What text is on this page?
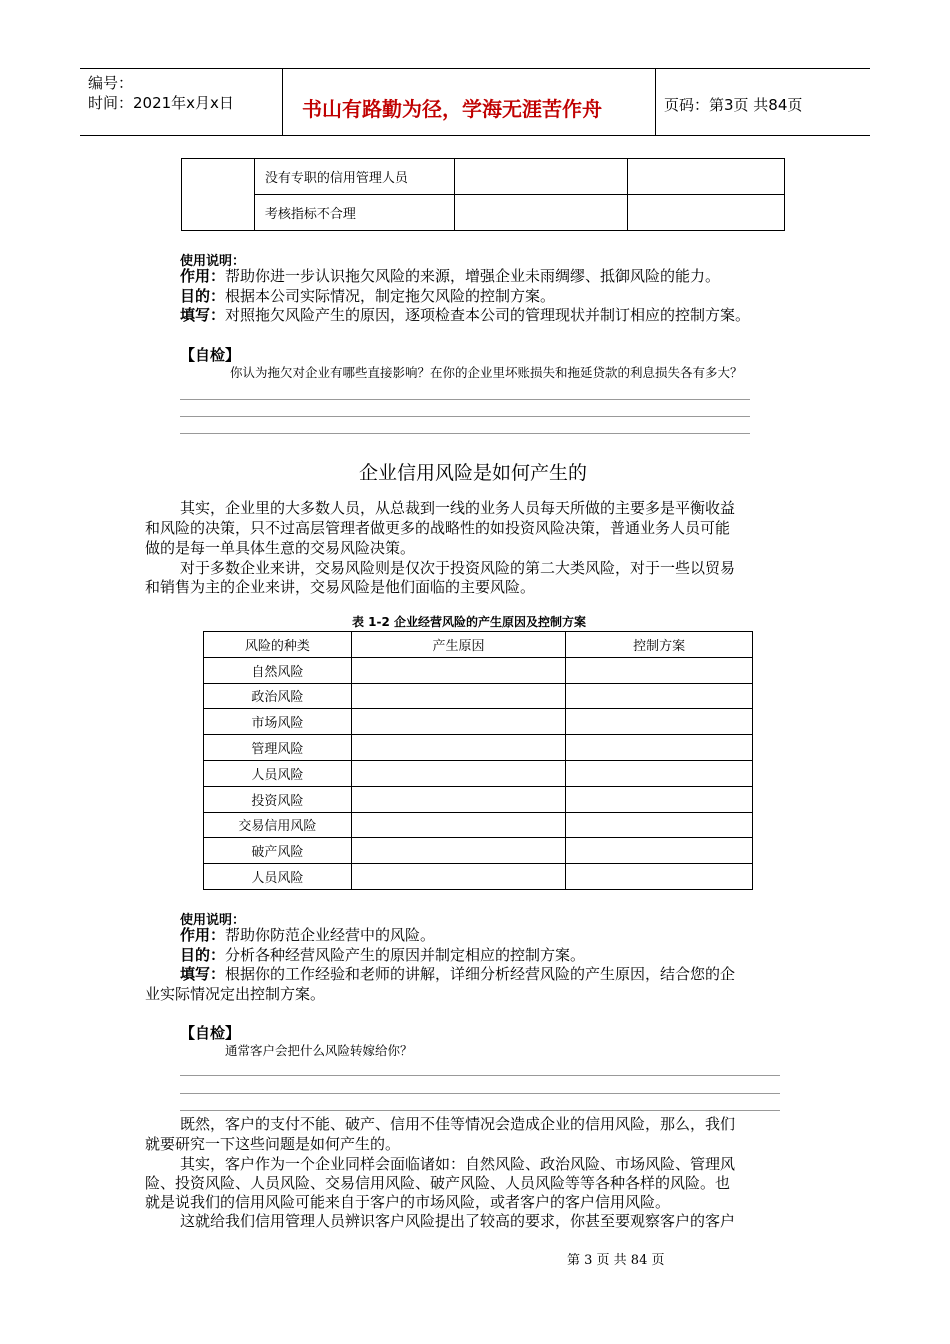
编号：
时间：2021年x月x日	书山有路勤为径，学海无涯苦作舟	页码：第3页 共84页
	没有专职的信用管理人员		
	考核指标不合理		
使用说明：
作用：帮助你进一步认识拖欠风险的来源，增强企业未雨绸缪、抵御风险的能力。
目的：根据本公司实际情况，制定拖欠风险的控制方案。
填写：对照拖欠风险产生的原因，逐项检查本公司的管理现状并制订相应的控制方案。
【自检】
你认为拖欠对企业有哪些直接影响？在你的企业里坏账损失和拖延贷款的利息损失各有多大？
企业信用风险是如何产生的
其实，企业里的大多数人员，从总裁到一线的业务人员每天所做的主要多是平衡收益
和风险的决策，只不过高层管理者做更多的战略性的如投资风险决策，普通业务人员可能
做的是每一单具体生意的交易风险决策。
对于多数企业来讲，交易风险则是仅次于投资风险的第二大类风险，对于一些以贸易
和销售为主的企业来讲，交易风险是他们面临的主要风险。
表 1-2 企业经营风险的产生原因及控制方案
风险的种类	产生原因	控制方案
自然风险		
政治风险		
市场风险		
管理风险		
人员风险		
投资风险		
交易信用风险		
破产风险		
人员风险		
使用说明：
作用：帮助你防范企业经营中的风险。
目的：分析各种经营风险产生的原因并制定相应的控制方案。
填写：根据你的工作经验和老师的讲解，详细分析经营风险的产生原因，结合您的企
业实际情况定出控制方案。
【自检】
通常客户会把什么风险转嫁给你？
既然，客户的支付不能、破产、信用不佳等情况会造成企业的信用风险，那么，我们
就要研究一下这些问题是如何产生的。
其实，客户作为一个企业同样会面临诸如：自然风险、政治风险、市场风险、管理风
险、投资风险、人员风险、交易信用风险、破产风险、人员风险等等各种各样的风险。也
就是说我们的信用风险可能来自于客户的市场风险，或者客户的客户信用风险。
这就给我们信用管理人员辨识客户风险提出了较高的要求，你甚至要观察客户的客户
第 3 页 共 84 页
